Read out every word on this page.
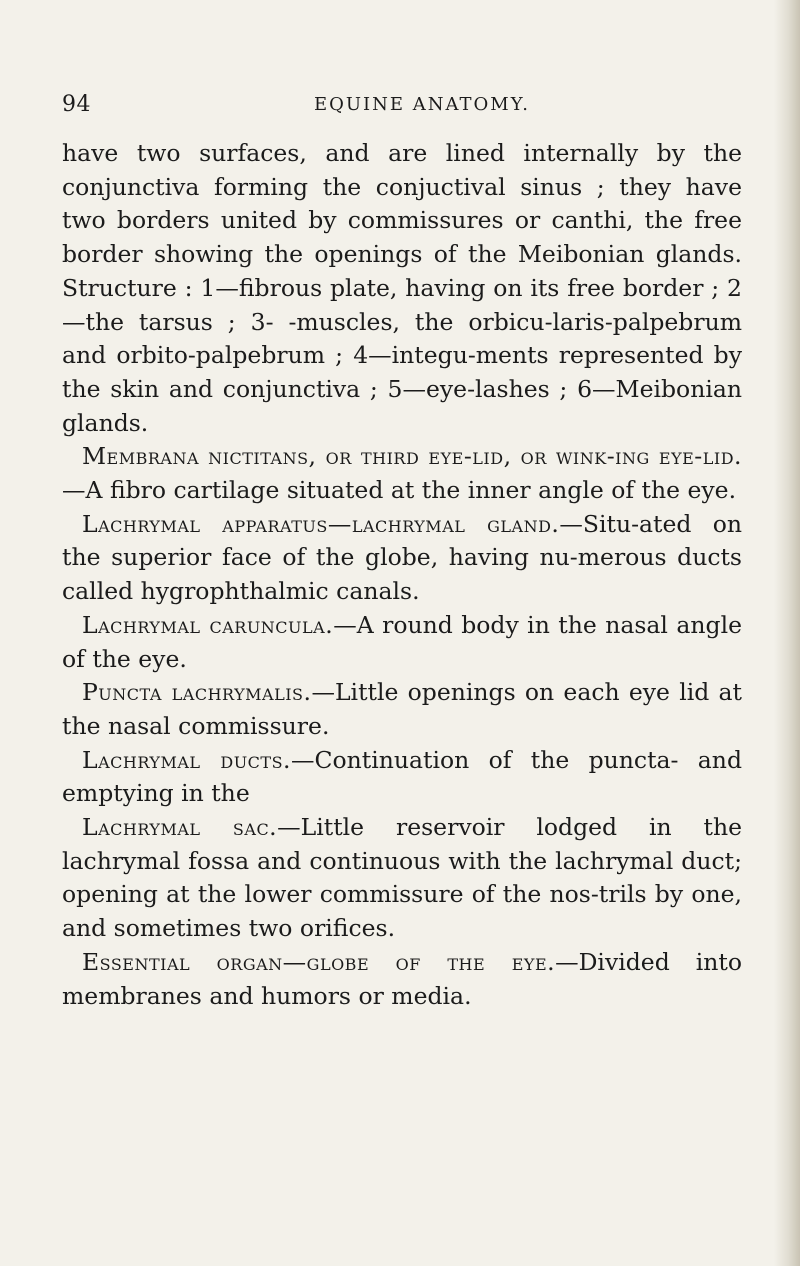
94	EQUINE ANATOMY.

have two surfaces, and are lined internally by the conjunctiva forming the conjuctival sinus ; they have two borders united by commissures or canthi, the free border showing the openings of the Meibonian glands. Structure : 1—fibrous plate, having on its free border ; 2—the tarsus ; 3- -muscles, the orbicu-laris-palpebrum and orbito-palpebrum ; 4—integu-ments represented by the skin and conjunctiva ; 5—eye-lashes ; 6—Meibonian glands.

Membrana nictitans, or third eye-lid, or wink-ing eye-lid.—A fibro cartilage situated at the inner angle of the eye.

Lachrymal apparatus—lachrymal gland.—Situ-ated on the superior face of the globe, having nu-merous ducts called hygrophthalmic canals.

Lachrymal caruncula.—A round body in the nasal angle of the eye.

Puncta lachrymalis.—Little openings on each eye lid at the nasal commissure.

Lachrymal ducts.—Continuation of the puncta- and emptying in the

Lachrymal sac.—Little reservoir lodged in the lachrymal fossa and continuous with the lachrymal duct; opening at the lower commissure of the nos-trils by one, and sometimes two orifices.

Essential organ—globe of the eye.—Divided into membranes and humors or media.
